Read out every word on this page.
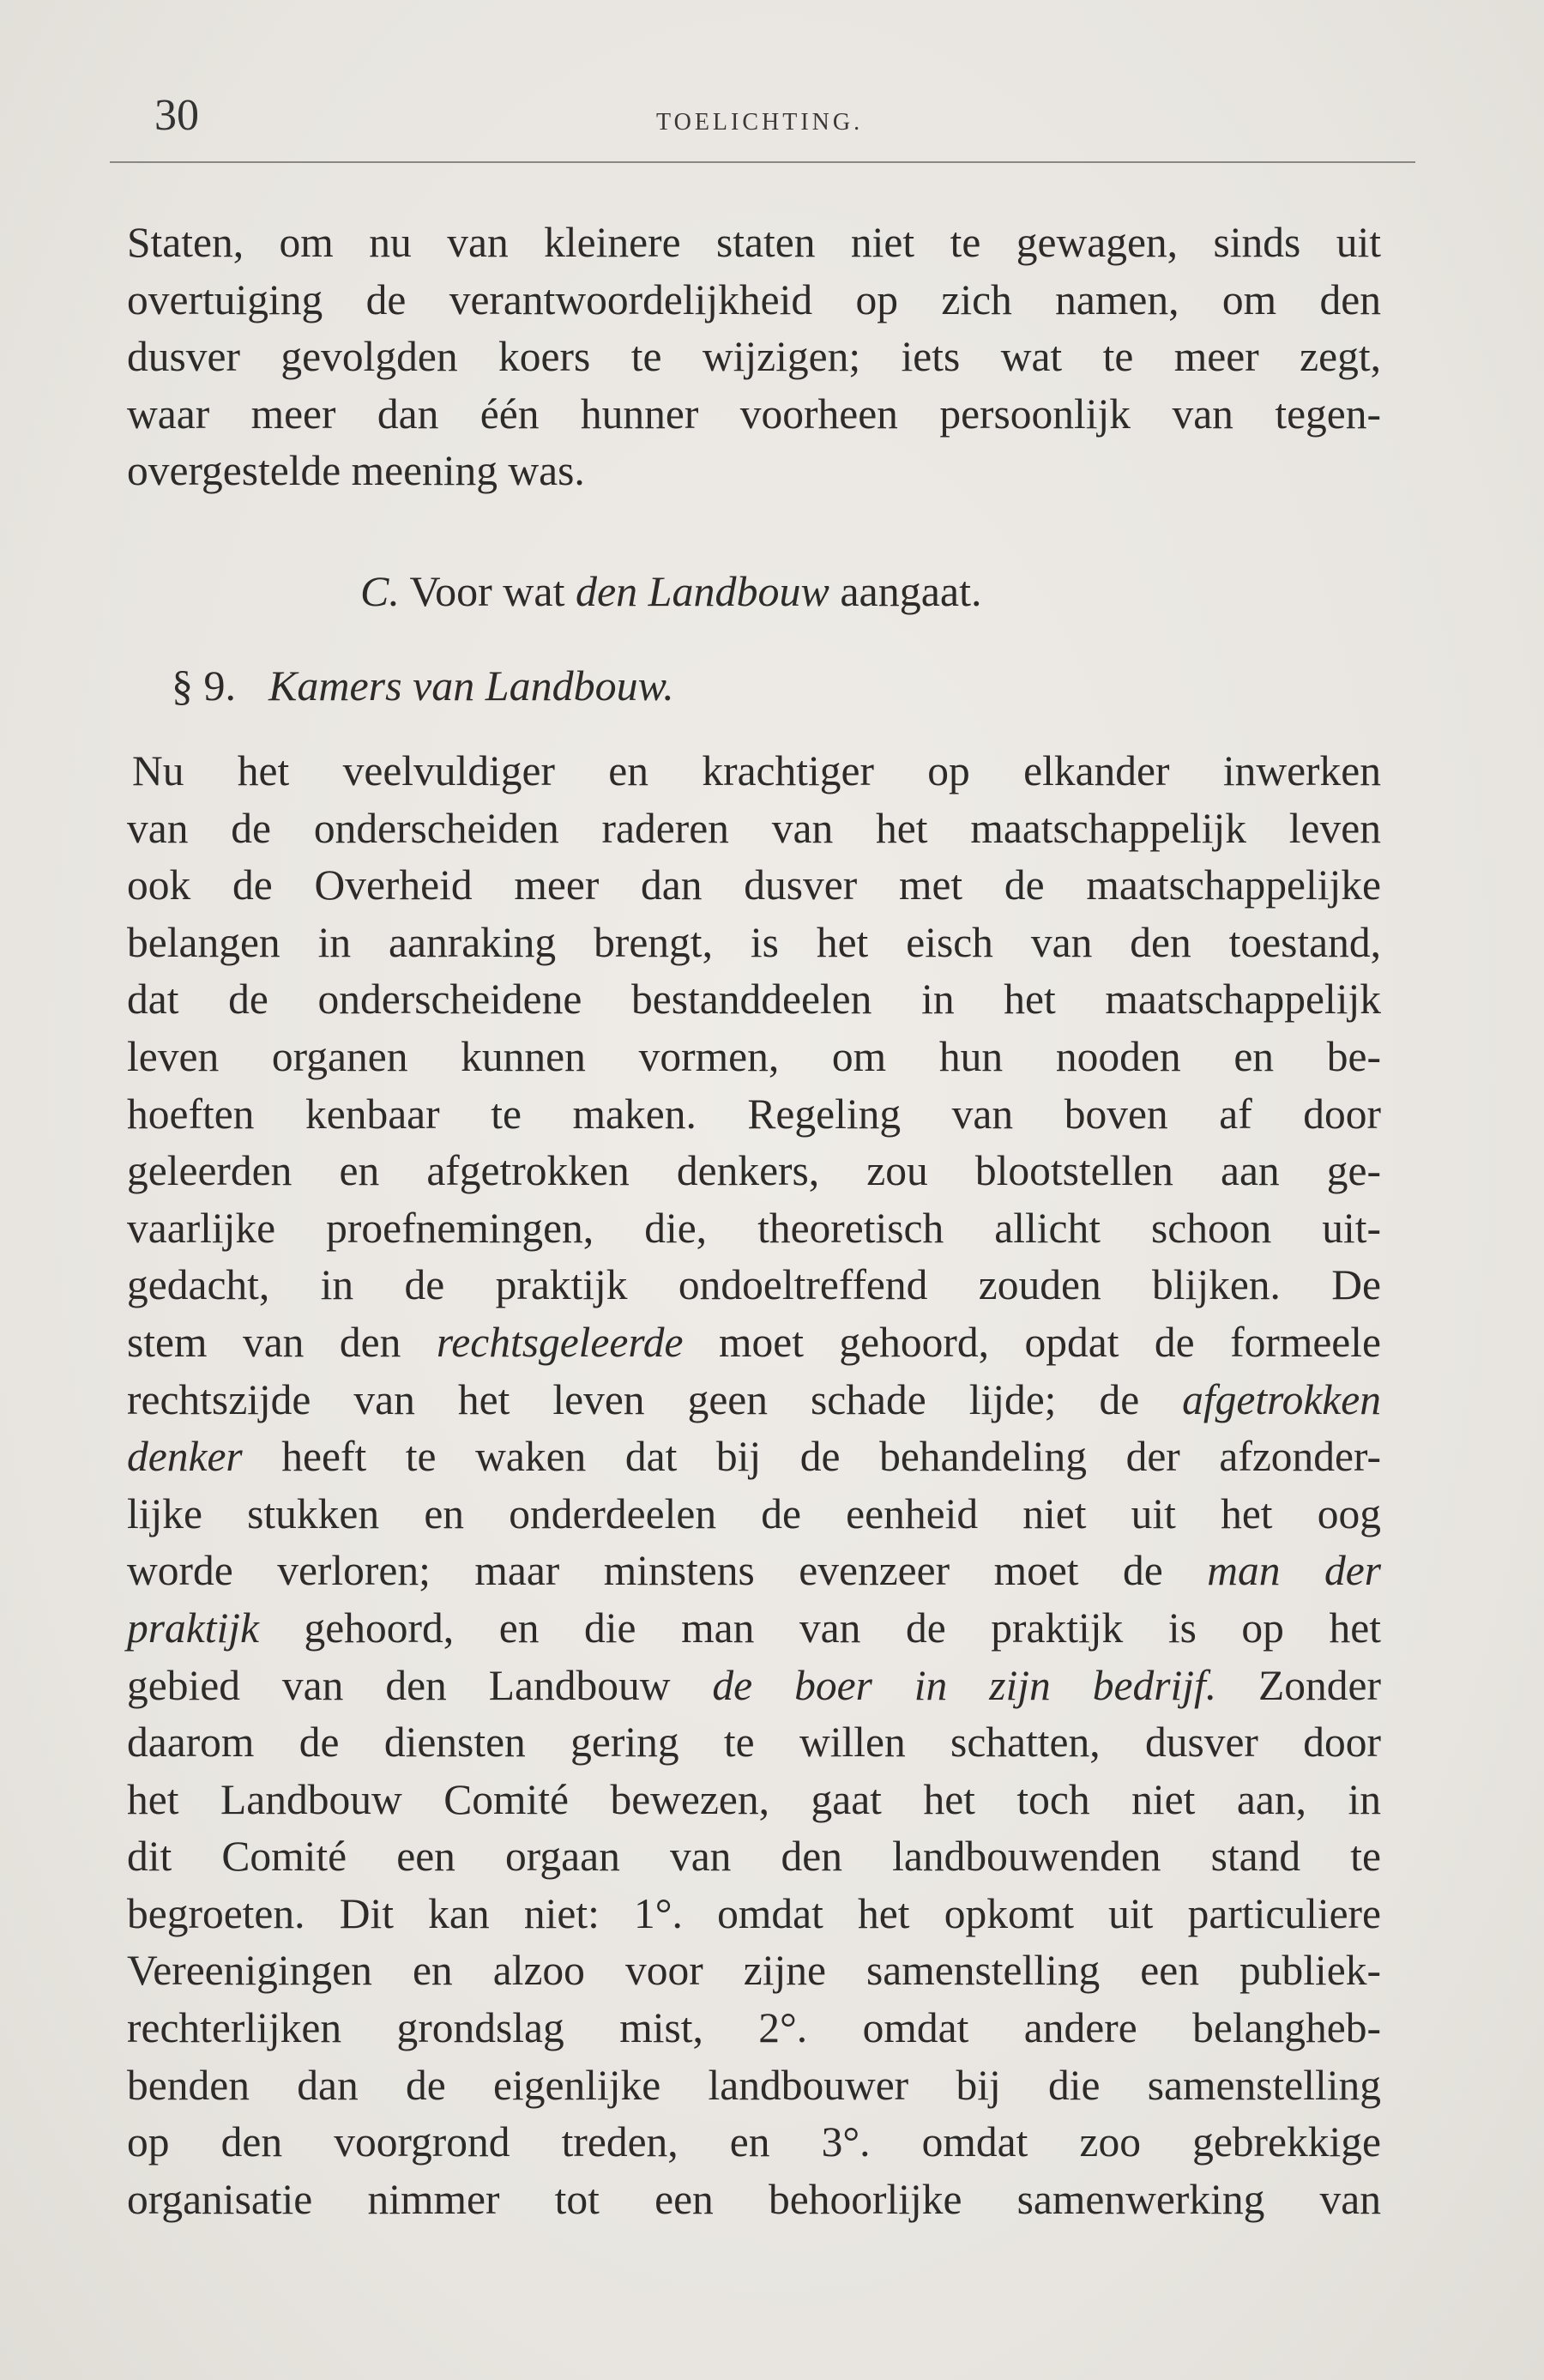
30	TOELICHTING.
Staten, om nu van kleinere staten niet te gewagen, sinds uit
overtuiging de verantwoordelijkheid op zich namen, om den
dusver gevolgden koers te wijzigen; iets wat te meer zegt,
waar meer dan één hunner voorheen persoonlijk van tegen-
overgestelde meening was.
C. Voor wat den Landbouw aangaat.
§ 9. Kamers van Landbouw.
Nu het veelvuldiger en krachtiger op elkander inwerken
van de onderscheiden raderen van het maatschappelijk leven
ook de Overheid meer dan dusver met de maatschappelijke
belangen in aanraking brengt, is het eisch van den toestand,
dat de onderscheidene bestanddeelen in het maatschappelijk
leven organen kunnen vormen, om hun nooden en be-
hoeften kenbaar te maken. Regeling van boven af door
geleerden en afgetrokken denkers, zou blootstellen aan ge-
vaarlijke proefnemingen, die, theoretisch allicht schoon uit-
gedacht, in de praktijk ondoeltreffend zouden blijken. De
stem van den rechtsgeleerde moet gehoord, opdat de formeele
rechtszijde van het leven geen schade lijde; de afgetrokken
denker heeft te waken dat bij de behandeling der afzonder-
lijke stukken en onderdeelen de eenheid niet uit het oog
worde verloren; maar minstens evenzeer moet de man der
praktijk gehoord, en die man van de praktijk is op het
gebied van den Landbouw de boer in zijn bedrijf. Zonder
daarom de diensten gering te willen schatten, dusver door
het Landbouw Comité bewezen, gaat het toch niet aan, in
dit Comité een orgaan van den landbouwenden stand te
begroeten. Dit kan niet: 1°. omdat het opkomt uit particuliere
Vereenigingen en alzoo voor zijne samenstelling een publiek-
rechterlijken grondslag mist, 2°. omdat andere belangheb-
benden dan de eigenlijke landbouwer bij die samenstelling
op den voorgrond treden, en 3°. omdat zoo gebrekkige
organisatie nimmer tot een behoorlijke samenwerking van
